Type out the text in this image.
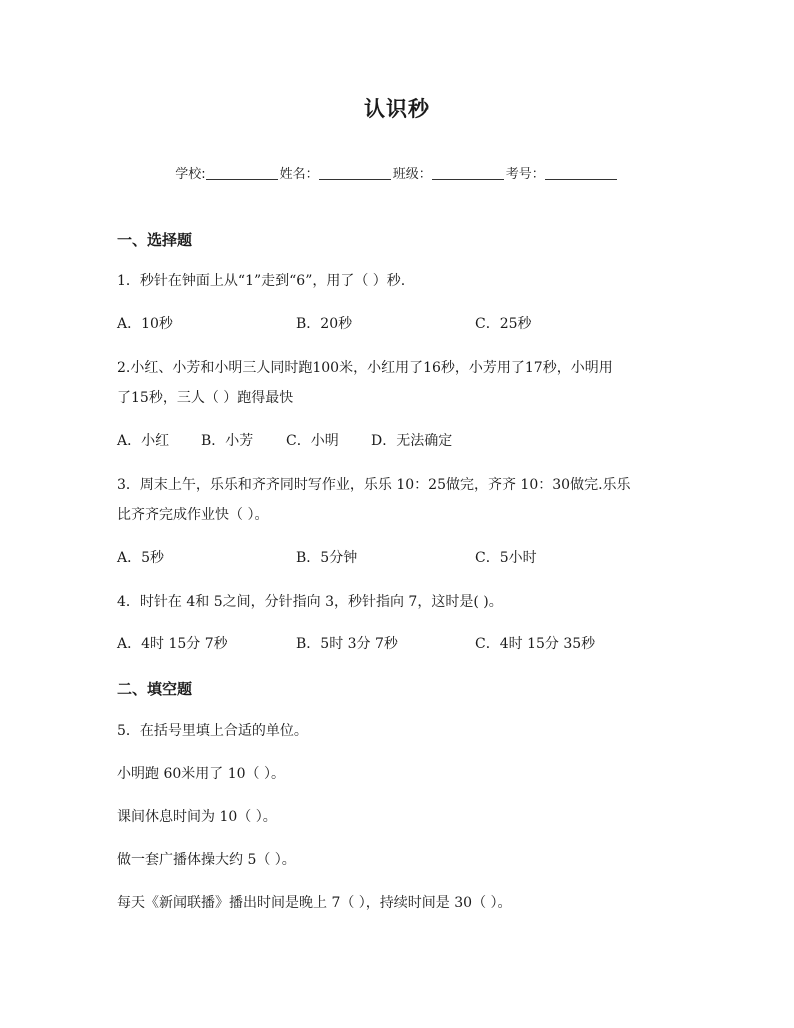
认识秒
学校:	姓名：	班级：	考号：
一、选择题
1．秒针在钟面上从“1”走到“6”，用了（ ）秒.
A．10秒	B．20秒	C．25秒
2.小红、小芳和小明三人同时跑100米，小红用了16秒，小芳用了17秒，小明用
了15秒，三人（ ）跑得最快
A．小红 B．小芳 C．小明 D．无法确定
3．周末上午，乐乐和齐齐同时写作业，乐乐 10：25做完，齐齐 10：30做完.乐乐
比齐齐完成作业快（ ）。
A．5秒	B．5分钟	C．5小时
4．时针在 4和 5之间，分针指向 3，秒针指向 7，这时是( )。
A．4时 15分 7秒	B．5时 3分 7秒	C．4时 15分 35秒
二、填空题
5．在括号里填上合适的单位。
小明跑 60米用了 10（ ）。
课间休息时间为 10（ ）。
做一套广播体操大约 5（ ）。
每天《新闻联播》播出时间是晚上 7（ ），持续时间是 30（ ）。
